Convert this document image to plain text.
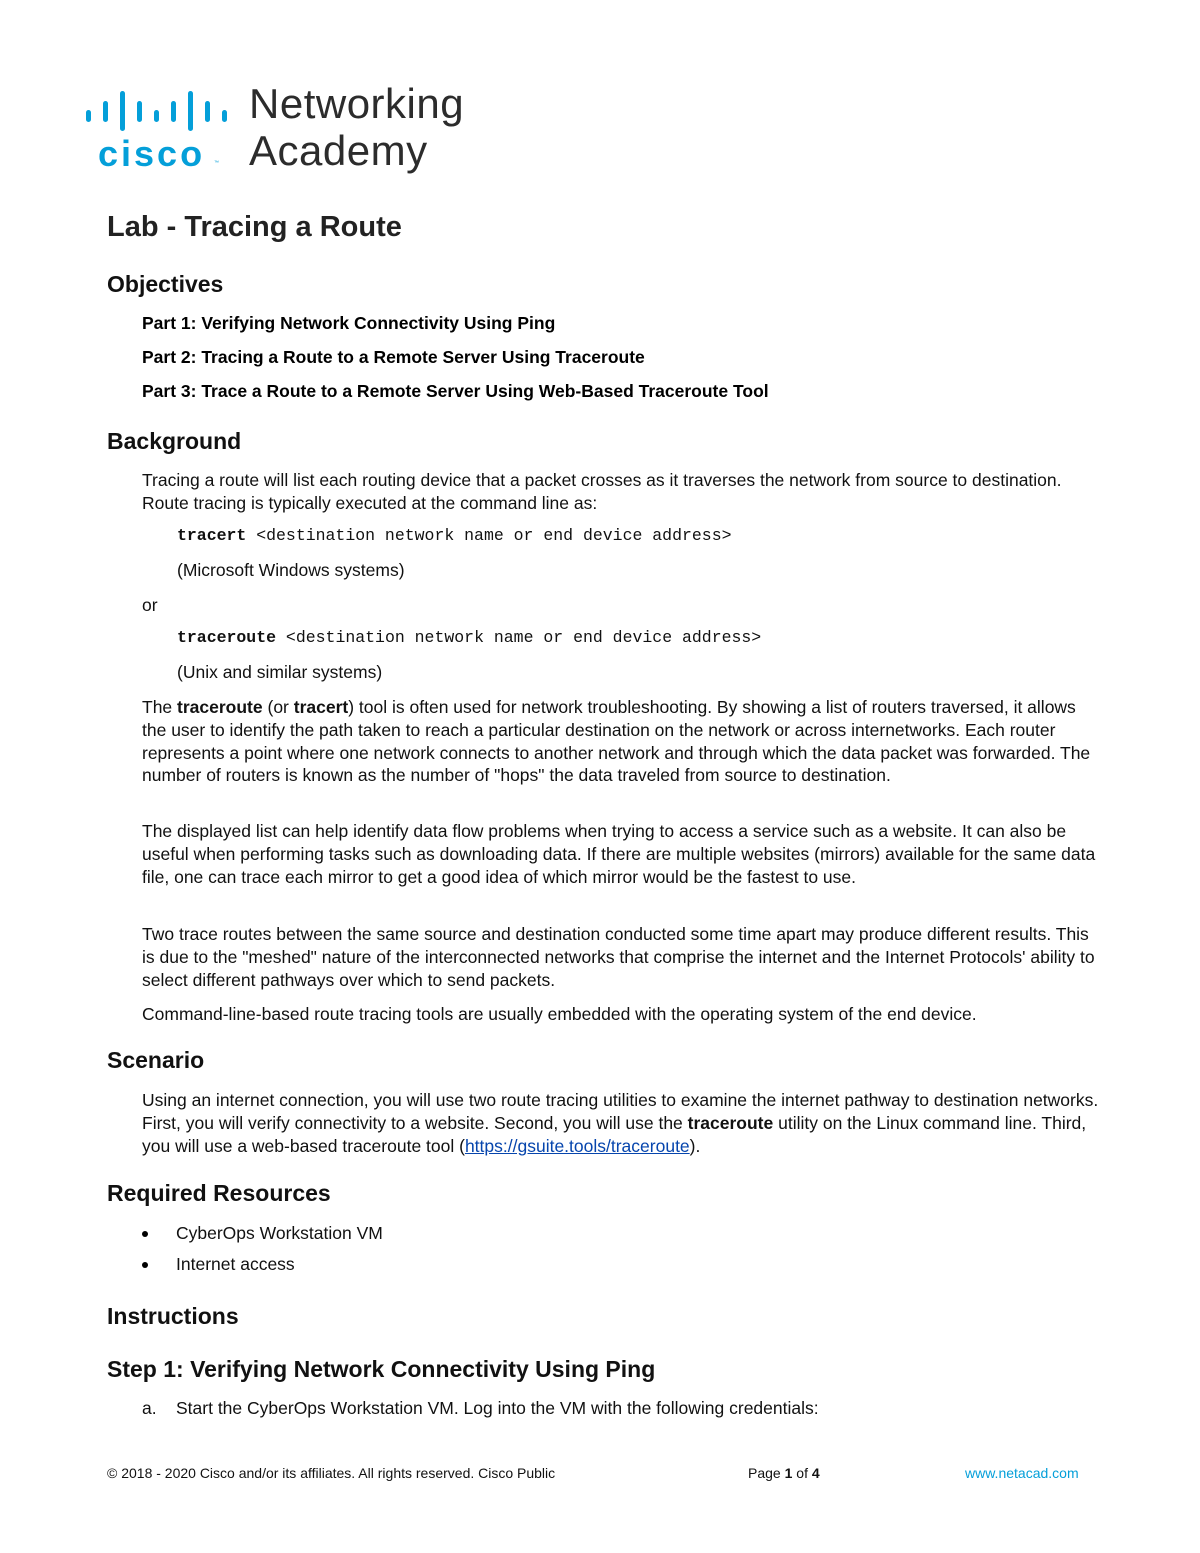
cisco ™
Networking
Academy
Lab - Tracing a Route
Objectives

Part 1: Verifying Network Connectivity Using Ping

Part 2: Tracing a Route to a Remote Server Using Traceroute

Part 3: Trace a Route to a Remote Server Using Web-Based Traceroute Tool

Background

Tracing a route will list each routing device that a packet crosses as it traverses the network from source to destination. Route tracing is typically executed at the command line as:

tracert <destination network name or end device address>

(Microsoft Windows systems)

or

traceroute <destination network name or end device address>

(Unix and similar systems)

The traceroute (or tracert) tool is often used for network troubleshooting. By showing a list of routers traversed, it allows the user to identify the path taken to reach a particular destination on the network or across internetworks. Each router represents a point where one network connects to another network and through which the data packet was forwarded. The number of routers is known as the number of "hops" the data traveled from source to destination.

The displayed list can help identify data flow problems when trying to access a service such as a website. It can also be useful when performing tasks such as downloading data. If there are multiple websites (mirrors) available for the same data file, one can trace each mirror to get a good idea of which mirror would be the fastest to use.

Two trace routes between the same source and destination conducted some time apart may produce different results. This is due to the "meshed" nature of the interconnected networks that comprise the internet and the Internet Protocols' ability to select different pathways over which to send packets.

Command-line-based route tracing tools are usually embedded with the operating system of the end device.

Scenario

Using an internet connection, you will use two route tracing utilities to examine the internet pathway to destination networks. First, you will verify connectivity to a website. Second, you will use the traceroute utility on the Linux command line. Third, you will use a web-based traceroute tool (https://gsuite.tools/traceroute).

Required Resources
CyberOps Workstation VM
Internet access
Instructions
Step 1: Verifying Network Connectivity Using Ping
a. Start the CyberOps Workstation VM. Log into the VM with the following credentials:
© 2018 - 2020 Cisco and/or its affiliates. All rights reserved. Cisco Public	Page 1 of 4	www.netacad.com
